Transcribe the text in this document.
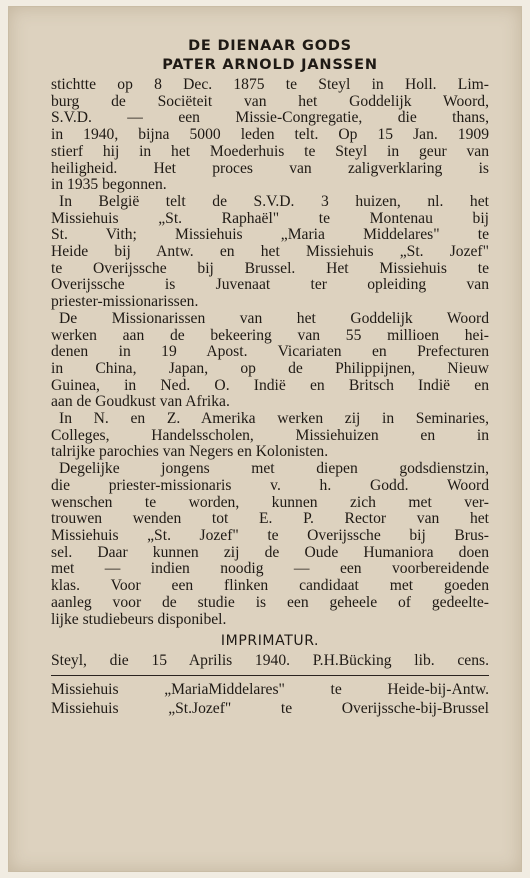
DE DIENAAR GODS
PATER ARNOLD JANSSEN
stichtte op 8 Dec. 1875 te Steyl in Holl. Lim-
burg de Sociëteit van het Goddelijk Woord,
S.V.D. — een Missie-Congregatie, die thans,
in 1940, bijna 5000 leden telt. Op 15 Jan. 1909
stierf hij in het Moederhuis te Steyl in geur van
heiligheid. Het proces van zaligverklaring is
in 1935 begonnen.
In België telt de S.V.D. 3 huizen, nl. het
Missiehuis „St. Raphaël" te Montenau bij
St. Vith; Missiehuis „Maria Middelares" te
Heide bij Antw. en het Missiehuis „St. Jozef"
te Overijssche bij Brussel. Het Missiehuis te
Overijssche is Juvenaat ter opleiding van
priester-missionarissen.
De Missionarissen van het Goddelijk Woord
werken aan de bekeering van 55 millioen hei-
denen in 19 Apost. Vicariaten en Prefecturen
in China, Japan, op de Philippijnen, Nieuw
Guinea, in Ned. O. Indië en Britsch Indië en
aan de Goudkust van Afrika.
In N. en Z. Amerika werken zij in Seminaries,
Colleges, Handelsscholen, Missiehuizen en in
talrijke parochies van Negers en Kolonisten.
Degelijke jongens met diepen godsdienstzin,
die priester-missionaris v. h. Godd. Woord
wenschen te worden, kunnen zich met ver-
trouwen wenden tot E. P. Rector van het
Missiehuis „St. Jozef" te Overijssche bij Brus-
sel. Daar kunnen zij de Oude Humaniora doen
met — indien noodig — een voorbereidende
klas. Voor een flinken candidaat met goeden
aanleg voor de studie is een geheele of gedeelte-
lijke studiebeurs disponibel.
IMPRIMATUR.
Steyl, die 15 Aprilis 1940. P.H.Bücking lib. cens.
Missiehuis „MariaMiddelares" te Heide-bij-Antw.
Missiehuis „St.Jozef" te Overijssche-bij-Brussel
